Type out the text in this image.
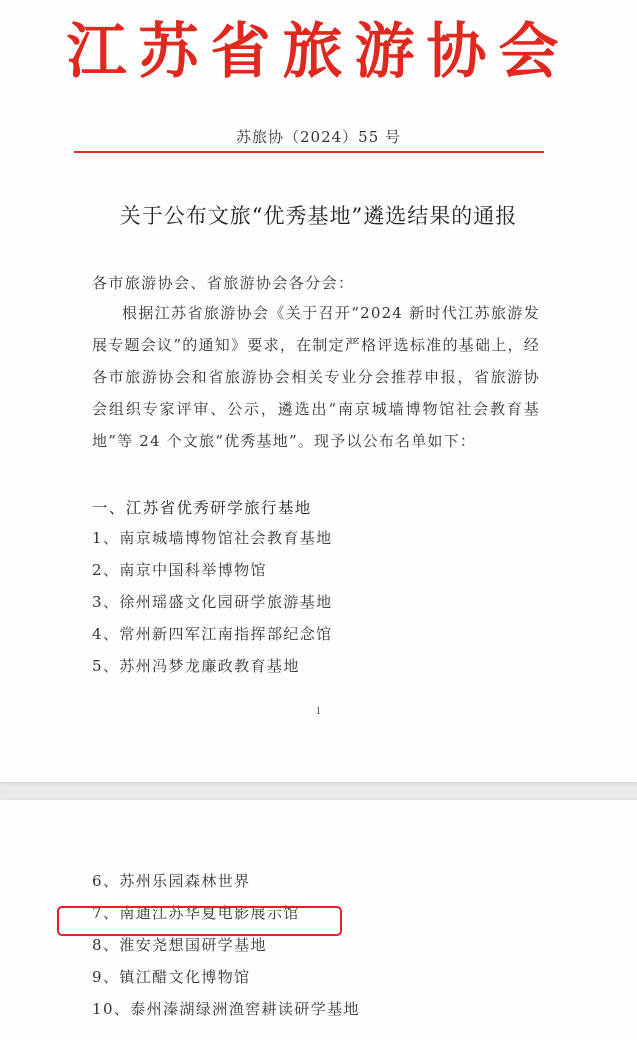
江苏省旅游协会
苏旅协（2024）55 号
关于公布文旅“优秀基地”遴选结果的通报
各市旅游协会、省旅游协会各分会：
根据江苏省旅游协会《关于召开“2024 新时代江苏旅游发展专题会议”的通知》要求，在制定严格评选标准的基础上，经各市旅游协会和省旅游协会相关专业分会推荐申报，省旅游协会组织专家评审、公示，遴选出“南京城墙博物馆社会教育基地”等 24 个文旅“优秀基地”。现予以公布名单如下：
一、江苏省优秀研学旅行基地
1、南京城墙博物馆社会教育基地
2、南京中国科举博物馆
3、徐州瑶盛文化园研学旅游基地
4、常州新四军江南指挥部纪念馆
5、苏州冯梦龙廉政教育基地
1
6、苏州乐园森林世界
7、南通江苏华夏电影展示馆
8、淮安尧想国研学基地
9、镇江醋文化博物馆
10、泰州溱湖绿洲渔窖耕读研学基地
